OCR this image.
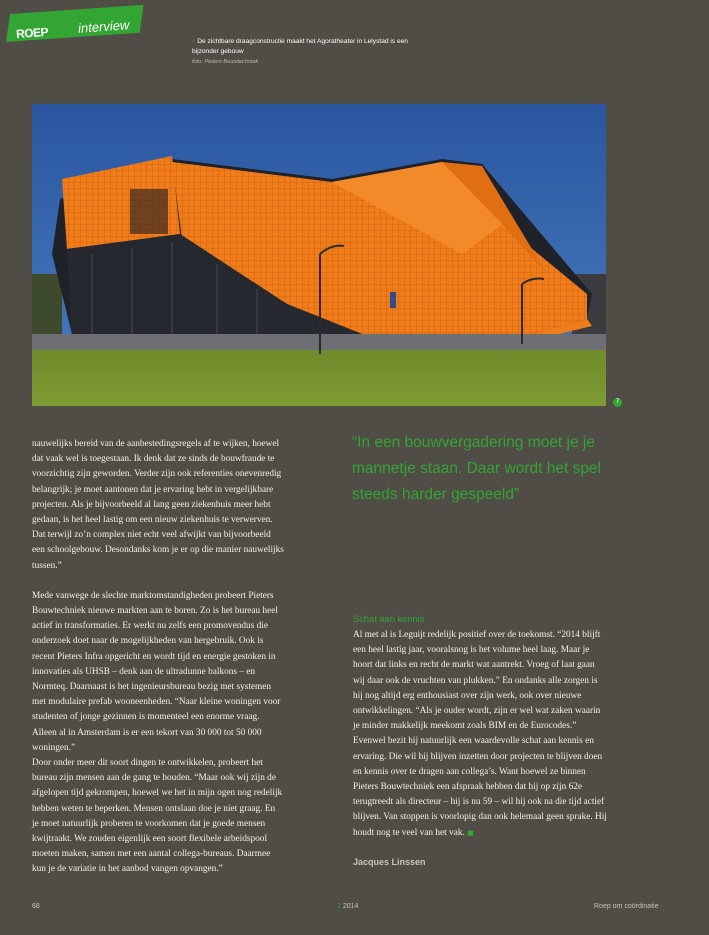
ROEP interview
› De zichtbare draagconstructie maakt het Agoratheater in Lelystad is een bijzonder gebouw
foto: Pieters Bouwtechniek
7

nauwelijks bereid van de aanbestedingsregels af te wijken, hoewel dat vaak wel is toegestaan. Ik denk dat ze sinds de bouwfraude te voorzichtig zijn geworden. Verder zijn ook referenties onevenredig belangrijk; je moet aantonen dat je ervaring hebt in vergelijkbare projecten. Als je bijvoorbeeld al lang geen ziekenhuis meer hebt gedaan, is het heel lastig om een nieuw ziekenhuis te verwerven. Dat terwijl zo’n complex niet echt veel afwijkt van bijvoorbeeld een schoolgebouw. Desondanks kom je er op die manier nauwelijks tussen.”

Mede vanwege de slechte marktomstandigheden probeert Pieters Bouwtechniek nieuwe markten aan te boren. Zo is het bureau heel actief in transformaties. Er werkt nu zelfs een promovendus die onderzoek doet naar de mogelijkheden van hergebruik. Ook is recent Pieters Infra opgericht en wordt tijd en energie gestoken in innovaties als UHSB – denk aan de ultradunne balkons – en Normteq. Daarnaast is het ingenieursbureau bezig met systemen met modulaire prefab wooneenheden. “Naar kleine woningen voor studenten of jonge gezinnen is momenteel een enorme vraag. Alleen al in Amsterdam is er een tekort van 30 000 tot 50 000 woningen.”

Door onder meer dit soort dingen te ontwikkelen, probeert het bureau zijn mensen aan de gang te houden. “Maar ook wij zijn de afgelopen tijd gekrompen, hoewel we het in mijn ogen nog redelijk hebben weten te beperken. Mensen ontslaan doe je niet graag. En je moet natuurlijk proberen te voorkomen dat je goede mensen kwijtraakt. We zouden eigenlijk een soort flexibele arbeidspool moeten maken, samen met een aantal collega-bureaus. Daarmee kun je de variatie in het aanbod vangen opvangen.”

“In een bouwvergadering moet je je mannetje staan. Daar wordt het spel steeds harder gespeeld”
Schat aan kennis

Al met al is Leguijt redelijk positief over de toekomst. “2014 blijft een heel lastig jaar, vooralsnog is het volume heel laag. Maar je hoort dat links en recht de markt wat aantrekt. Vroeg of laat gaan wij daar ook de vruchten van plukken.” En ondanks alle zorgen is hij nog altijd erg enthousiast over zijn werk, ook over nieuwe ontwikkelingen. “Als je ouder wordt, zijn er wel wat zaken waarin je minder makkelijk meekomt zoals BIM en de Eurocodes.” Evenwel bezit hij natuurlijk een waardevolle schat aan kennis en ervaring. Die wil hij blijven inzetten door projecten te blijven doen en kennis over te dragen aan collega’s. Want hoewel ze binnen Pieters Bouwtechniek een afspraak hebben dat hij op zijn 62e terugtreedt als directeur – hij is nu 59 – wil hij ook na die tijd actief blijven. Van stoppen is voorlopig dan ook helemaal geen sprake. Hij houdt nog te veel van het vak. ■

Jacques Linssen
68	1 2014	Roep om coördinatie
